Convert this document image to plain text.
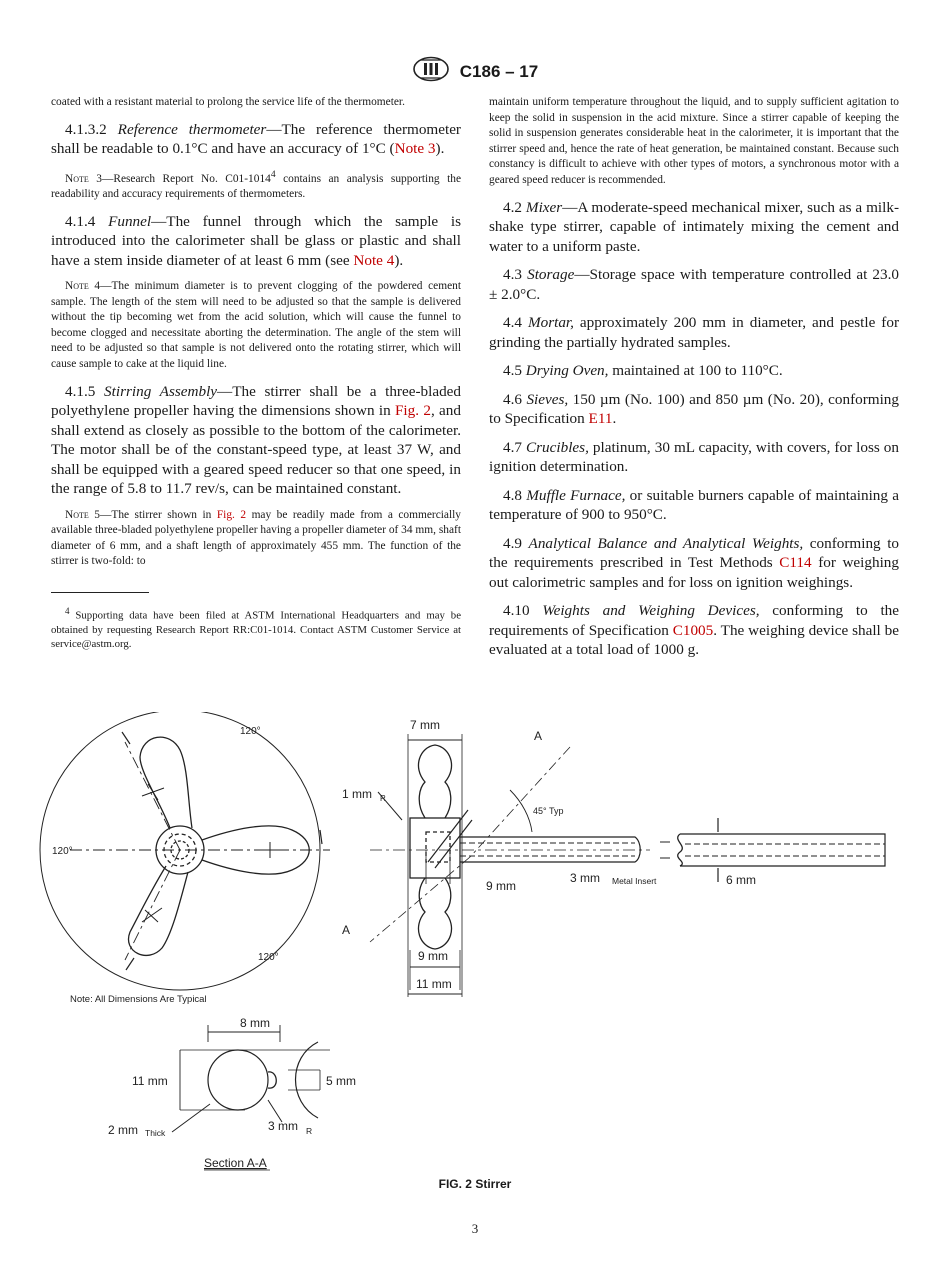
C186 – 17

coated with a resistant material to prolong the service life of the thermometer.

4.1.3.2 Reference thermometer—The reference thermometer shall be readable to 0.1°C and have an accuracy of 1°C (Note 3).

Note 3—Research Report No. C01-1014$^4$ contains an analysis supporting the readability and accuracy requirements of thermometers.

4.1.4 Funnel—The funnel through which the sample is introduced into the calorimeter shall be glass or plastic and shall have a stem inside diameter of at least 6 mm (see Note 4).

Note 4—The minimum diameter is to prevent clogging of the powdered cement sample. The length of the stem will need to be adjusted so that the sample is delivered without the tip becoming wet from the acid solution, which will cause the funnel to become clogged and necessitate aborting the determination. The angle of the stem will need to be adjusted so that sample is not delivered onto the rotating stirrer, which will cause sample to cake at the liquid line.

4.1.5 Stirring Assembly—The stirrer shall be a three-bladed polyethylene propeller having the dimensions shown in Fig. 2, and shall extend as closely as possible to the bottom of the calorimeter. The motor shall be of the constant-speed type, at least 37 W, and shall be equipped with a geared speed reducer so that one speed, in the range of 5.8 to 11.7 rev/s, can be maintained constant.

Note 5—The stirrer shown in Fig. 2 may be readily made from a commercially available three-bladed polyethylene propeller having a propeller diameter of 34 mm, shaft diameter of 6 mm, and a shaft length of approximately 455 mm. The function of the stirrer is two-fold: to

$^4$ Supporting data have been filed at ASTM International Headquarters and may be obtained by requesting Research Report RR:C01-1014. Contact ASTM Customer Service at service@astm.org.

maintain uniform temperature throughout the liquid, and to supply sufficient agitation to keep the solid in suspension in the acid mixture. Since a stirrer capable of keeping the solid in suspension generates considerable heat in the calorimeter, it is important that the stirrer speed and, hence the rate of heat generation, be maintained constant. Because such constancy is difficult to achieve with other types of motors, a synchronous motor with a geared speed reducer is recommended.

4.2 Mixer—A moderate-speed mechanical mixer, such as a milk-shake type stirrer, capable of intimately mixing the cement and water to a uniform paste.

4.3 Storage—Storage space with temperature controlled at 23.0 ± 2.0°C.

4.4 Mortar, approximately 200 mm in diameter, and pestle for grinding the partially hydrated samples.

4.5 Drying Oven, maintained at 100 to 110°C.

4.6 Sieves, 150 µm (No. 100) and 850 µm (No. 20), conforming to Specification E11.

4.7 Crucibles, platinum, 30 mL capacity, with covers, for loss on ignition determination.

4.8 Muffle Furnace, or suitable burners capable of maintaining a temperature of 900 to 950°C.

4.9 Analytical Balance and Analytical Weights, conforming to the requirements prescribed in Test Methods C114 for weighing out calorimetric samples and for loss on ignition weighings.

4.10 Weights and Weighing Devices, conforming to the requirements of Specification C1005. The weighing device shall be evaluated at a total load of 1000 g.

120°
120°
120°
Note: All Dimensions Are Typical
7 mm
1 mm R
A
A
45° Typ
9 mm
3 mm Metal Insert	6 mm
9 mm
11 mm
8 mm
11 mm	5 mm
2 mm Thick	3 mm R
Section A-A
FIG. 2 Stirrer
3
